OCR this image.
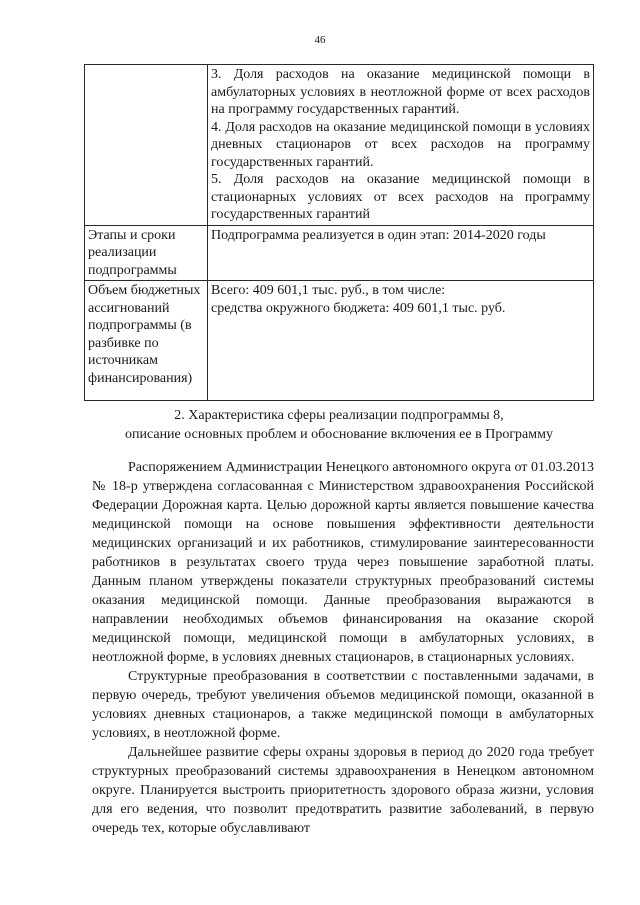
46

	3. Доля расходов на оказание медицинской помощи в амбулаторных условиях в неотложной форме от всех расходов на программу государственных гарантий.
4. Доля расходов на оказание медицинской помощи в условиях дневных стационаров от всех расходов на программу государственных гарантий.
5. Доля расходов на оказание медицинской помощи в стационарных условиях от всех расходов на программу государственных гарантий

Этапы и сроки реализации подпрограммы	Подпрограмма реализуется в один этап: 2014-2020 годы
Объем бюджетных ассигнований подпрограммы (в разбивке по источникам финансирования)	Всего: 409 601,1 тыс. руб., в том числе:
средства окружного бюджета: 409 601,1 тыс. руб.
2. Характеристика сферы реализации подпрограммы 8,
описание основных проблем и обоснование включения ее в Программу

Распоряжением Администрации Ненецкого автономного округа от 01.03.2013 № 18-р утверждена согласованная с Министерством здравоохранения Российской Федерации Дорожная карта. Целью дорожной карты является повышение качества медицинской помощи на основе повышения эффективности деятельности медицинских организаций и их работников, стимулирование заинтересованности работников в результатах своего труда через повышение заработной платы. Данным планом утверждены показатели структурных преобразований системы оказания медицинской помощи. Данные преобразования выражаются в направлении необходимых объемов финансирования на оказание скорой медицинской помощи, медицинской помощи в амбулаторных условиях, в неотложной форме, в условиях дневных стационаров, в стационарных условиях.

Структурные преобразования в соответствии с поставленными задачами, в первую очередь, требуют увеличения объемов медицинской помощи, оказанной в условиях дневных стационаров, а также медицинской помощи в амбулаторных условиях, в неотложной форме.

Дальнейшее развитие сферы охраны здоровья в период до 2020 года требует структурных преобразований системы здравоохранения в Ненецком автономном округе. Планируется выстроить приоритетность здорового образа жизни, условия для его ведения, что позволит предотвратить развитие заболеваний, в первую очередь тех, которые обуславливают
